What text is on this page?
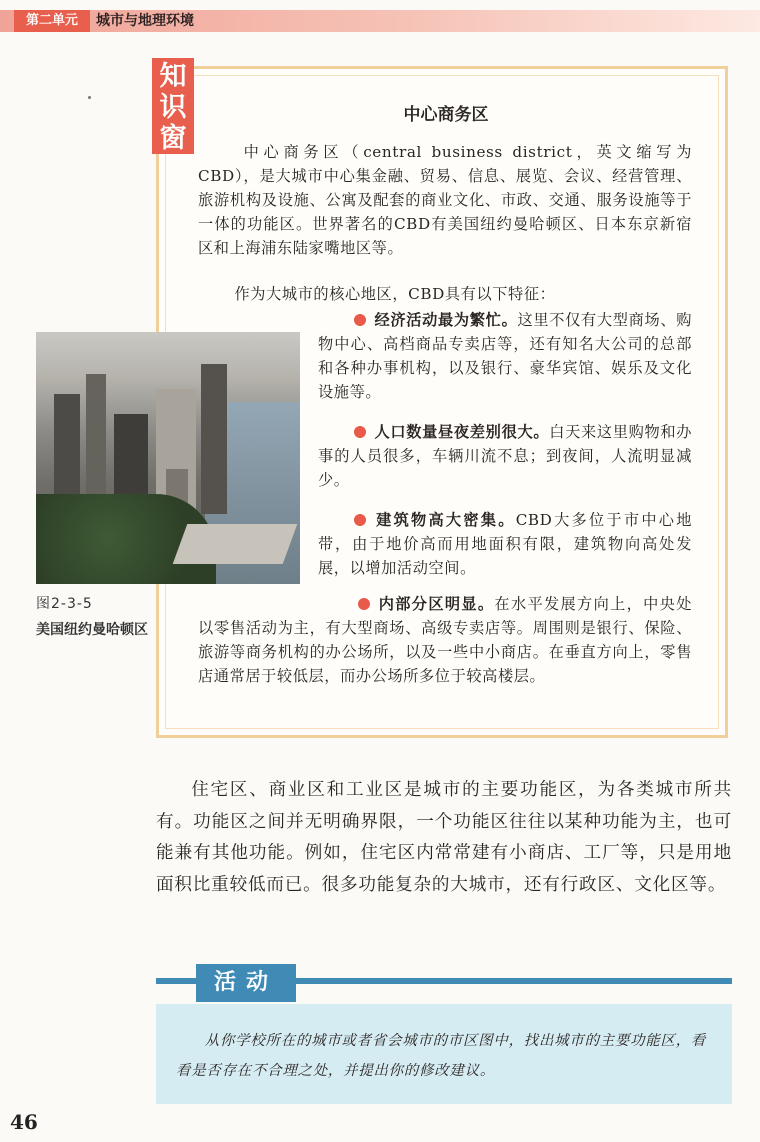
第二单元	城市与地理环境
知
识
窗
中心商务区

中心商务区（central business district，英文缩写为CBD），是大城市中心集金融、贸易、信息、展览、会议、经营管理、旅游机构及设施、公寓及配套的商业文化、市政、交通、服务设施等于一体的功能区。世界著名的CBD有美国纽约曼哈顿区、日本东京新宿区和上海浦东陆家嘴地区等。

作为大城市的核心地区，CBD具有以下特征：

图2-3-5
美国纽约曼哈顿区

经济活动最为繁忙。这里不仅有大型商场、购物中心、高档商品专卖店等，还有知名大公司的总部和各种办事机构，以及银行、豪华宾馆、娱乐及文化设施等。

人口数量昼夜差别很大。白天来这里购物和办事的人员很多，车辆川流不息；到夜间，人流明显减少。

建筑物高大密集。CBD大多位于市中心地带，由于地价高而用地面积有限，建筑物向高处发展，以增加活动空间。

内部分区明显。在水平发展方向上，中央处以零售活动为主，有大型商场、高级专卖店等。周围则是银行、保险、旅游等商务机构的办公场所，以及一些中小商店。在垂直方向上，零售店通常居于较低层，而办公场所多位于较高楼层。

住宅区、商业区和工业区是城市的主要功能区，为各类城市所共有。功能区之间并无明确界限，一个功能区往往以某种功能为主，也可能兼有其他功能。例如，住宅区内常常建有小商店、工厂等，只是用地面积比重较低而已。很多功能复杂的大城市，还有行政区、文化区等。

活动

从你学校所在的城市或者省会城市的市区图中，找出城市的主要功能区，看看是否存在不合理之处，并提出你的修改建议。

46
